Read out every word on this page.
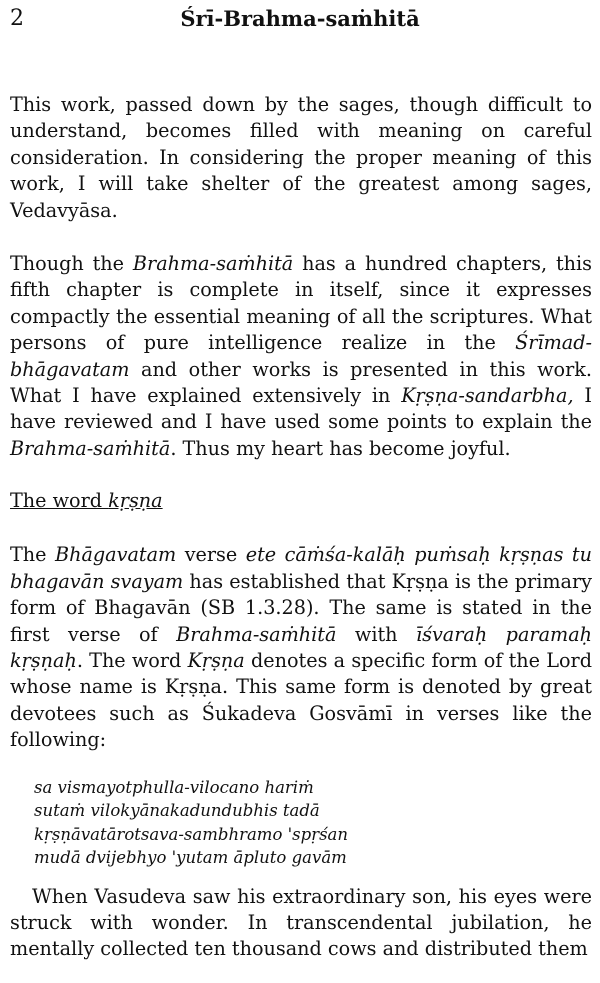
2	Śrī-Brahma-saṁhitā

This work, passed down by the sages, though difficult to understand, becomes filled with meaning on careful consideration. In considering the proper meaning of this work, I will take shelter of the greatest among sages, Vedavyāsa.

Though the Brahma-saṁhitā has a hundred chapters, this fifth chapter is complete in itself, since it expresses compactly the essential meaning of all the scriptures. What persons of pure intelligence realize in the Śrīmad-bhāgavatam and other works is presented in this work. What I have explained extensively in Kṛṣṇa-sandarbha, I have reviewed and I have used some points to explain the Brahma-saṁhitā. Thus my heart has become joyful.

The word kṛṣṇa

The Bhāgavatam verse ete cāṁśa-kalāḥ puṁsaḥ kṛṣṇas tu bhagavān svayam has established that Kṛṣṇa is the primary form of Bhagavān (SB 1.3.28). The same is stated in the first verse of Brahma-saṁhitā with īśvaraḥ paramaḥ kṛṣṇaḥ. The word Kṛṣṇa denotes a specific form of the Lord whose name is Kṛṣṇa. This same form is denoted by great devotees such as Śukadeva Gosvāmī in verses like the following:

sa vismayotphulla-vilocano hariṁ
sutaṁ vilokyānakadundubhis tadā
kṛṣṇāvatārotsava-sambhramo 'spṛśan
mudā dvijebhyo 'yutam āpluto gavām

When Vasudeva saw his extraordinary son, his eyes were struck with wonder. In transcendental jubilation, he mentally collected ten thousand cows and distributed them
